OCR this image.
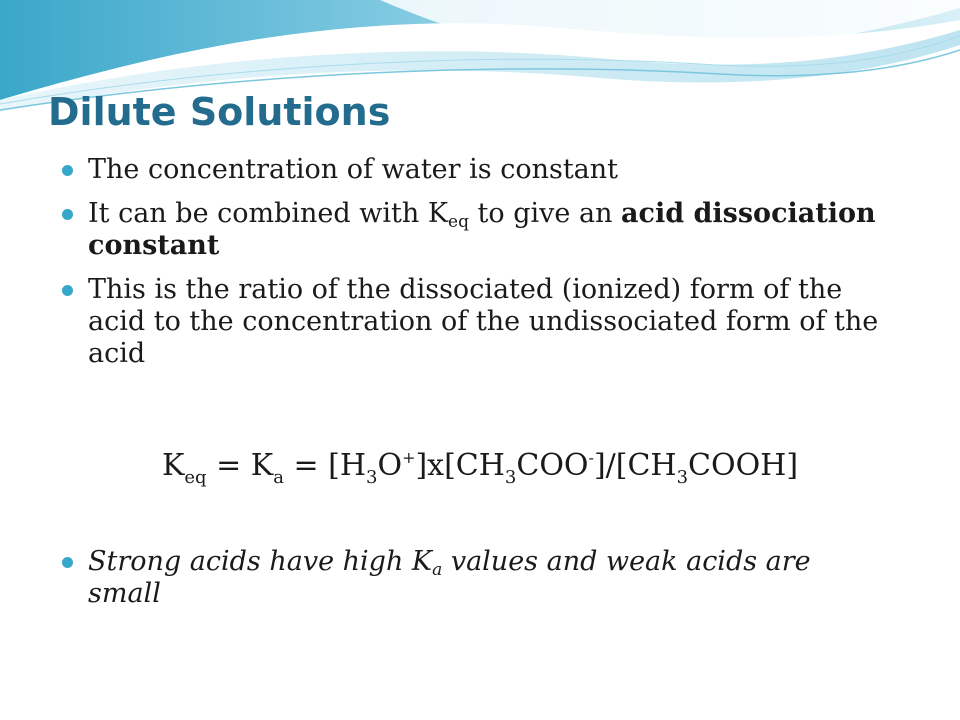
Dilute Solutions
The concentration of water is constant
It can be combined with $K_{eq}$ to give an acid dissociation constant
This is the ratio of the dissociated (ionized) form of the acid to the concentration of the undissociated form of the acid
$K_{eq} = K_a$ = $[H_3O^+]x[CH_3COO^-]/[CH_3COOH]$
Strong acids have high $K_a$ values and weak acids are small
